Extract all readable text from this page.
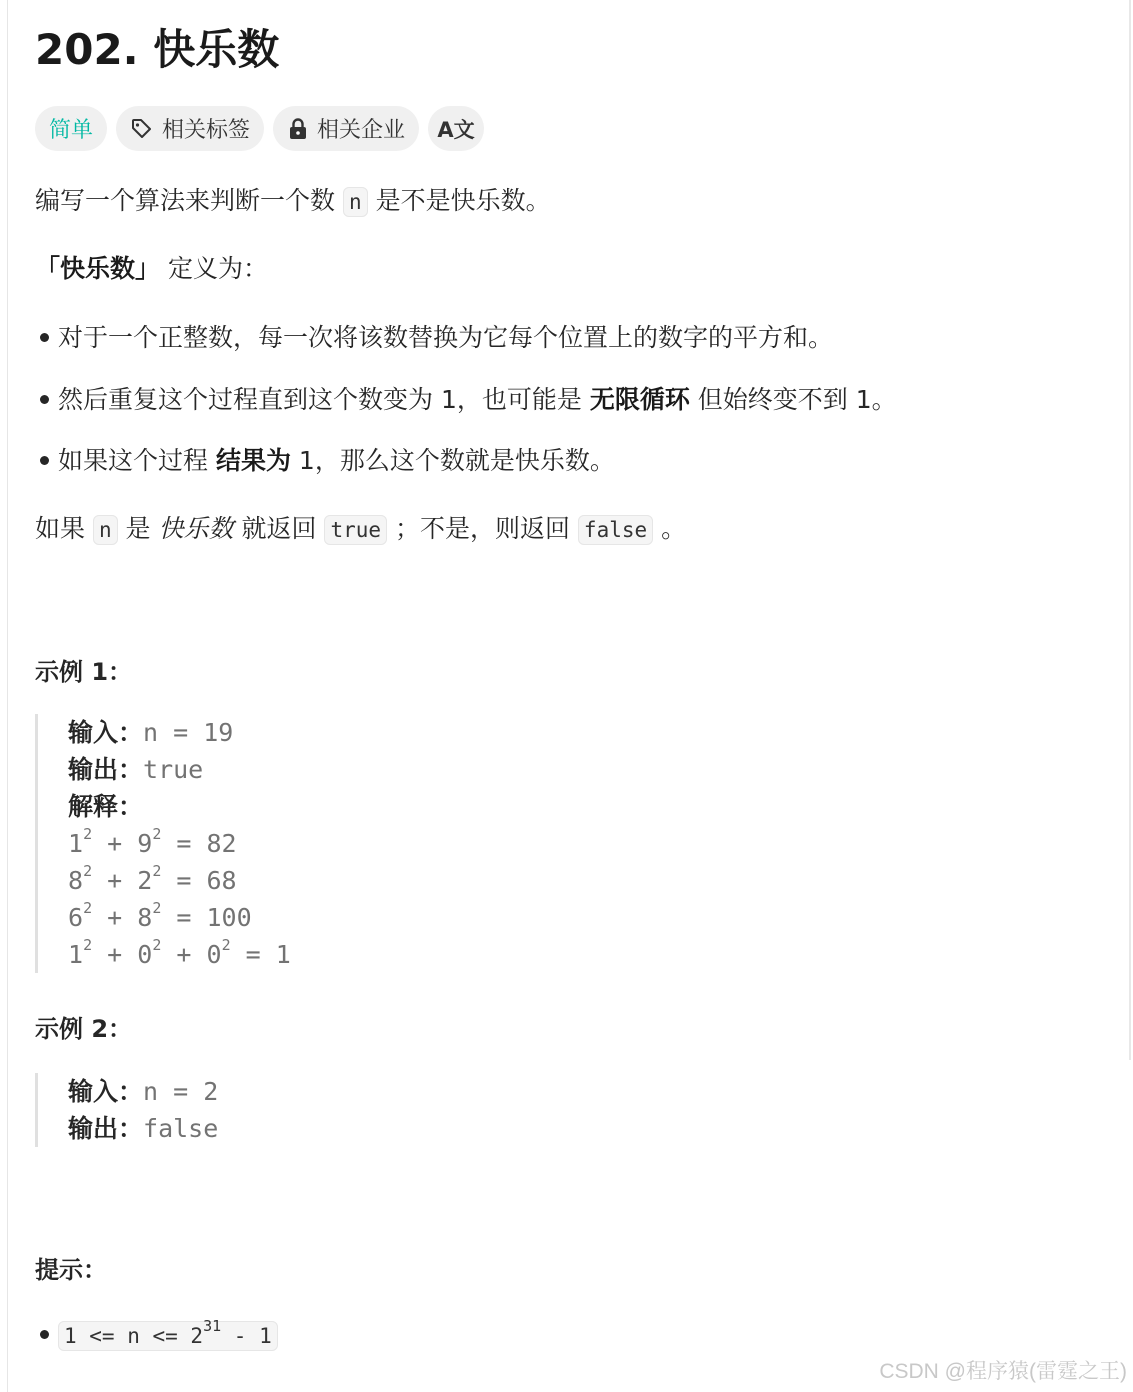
202. 快乐数
简单	相关标签	相关企业 A文
编写一个算法来判断一个数 n 是不是快乐数。
「快乐数」 定义为：
对于一个正整数，每一次将该数替换为它每个位置上的数字的平方和。
然后重复这个过程直到这个数变为 1，也可能是 无限循环 但始终变不到 1。
如果这个过程 结果为 1，那么这个数就是快乐数。
如果 n 是 快乐数 就返回 true ；不是，则返回 false 。
示例 1：
输入：n = 19
输出：true
解释：
$1^2 + 9^2 = 82$
$8^2 + 2^2 = 68$
$6^2 + 8^2 = 100$
$1^2 + 0^2 + 0^2 = 1$
示例 2：
输入：n = 2
输出：false
提示：
$1 <= n <= 2^{31} - 1$
CSDN @程序猿(雷霆之王)
